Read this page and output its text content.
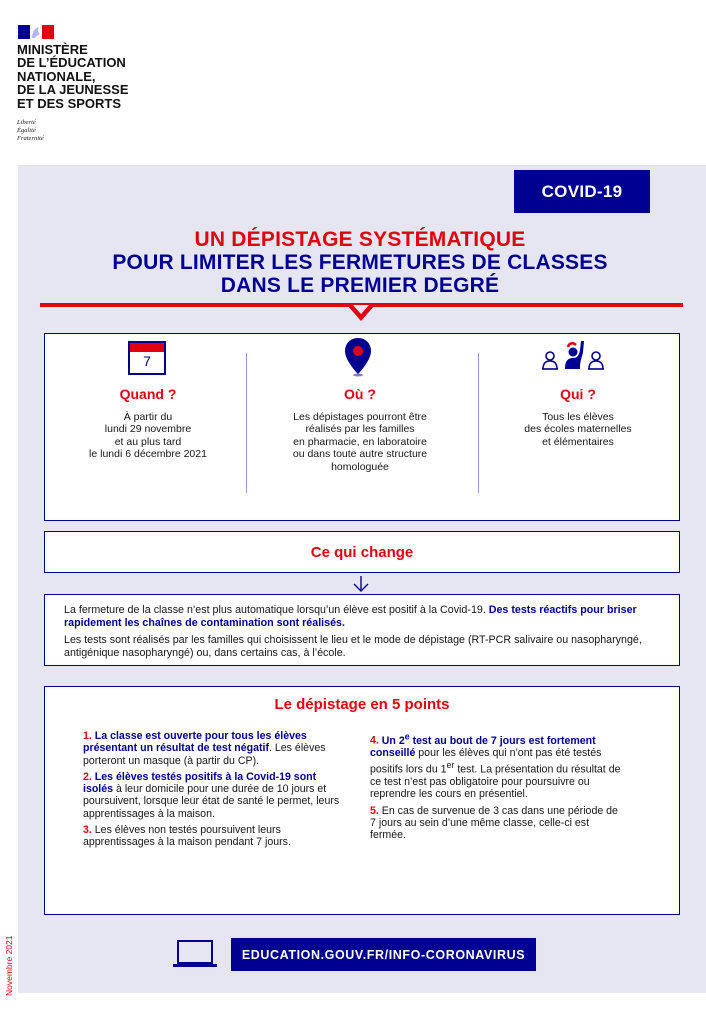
MINISTÈRE
DE L’ÉDUCATION
NATIONALE,
DE LA JEUNESSE
ET DES SPORTS
Liberté
Égalité
Fraternité
COVID-19
UN DÉPISTAGE SYSTÉMATIQUE
POUR LIMITER LES FERMETURES DE CLASSES
DANS LE PREMIER DEGRÉ
7
Quand ?
À partir du
lundi 29 novembre
et au plus tard
le lundi 6 décembre 2021
Où ?
Les dépistages pourront être
réalisés par les familles
en pharmacie, en laboratoire
ou dans toute autre structure
homologuée
Qui ?
Tous les élèves
des écoles maternelles
et élémentaires
Ce qui change

La fermeture de la classe n’est plus automatique lorsqu’un élève est positif à la Covid-19. Des tests réactifs pour briser rapidement les chaînes de contamination sont réalisés.

Les tests sont réalisés par les familles qui choisissent le lieu et le mode de dépistage (RT-PCR salivaire ou nasopharyngé, antigénique nasopharyngé) ou, dans certains cas, à l’école.

Le dépistage en 5 points

1. La classe est ouverte pour tous les élèves présentant un résultat de test négatif. Les élèves porteront un masque (à partir du CP).

2. Les élèves testés positifs à la Covid-19 sont isolés à leur domicile pour une durée de 10 jours et poursuivent, lorsque leur état de santé le permet, leurs apprentissages à la maison.

3. Les élèves non testés poursuivent leurs apprentissages à la maison pendant 7 jours.

4. Un 2e test au bout de 7 jours est fortement conseillé pour les élèves qui n’ont pas été testés positifs lors du 1er test. La présentation du résultat de ce test n’est pas obligatoire pour poursuivre ou reprendre les cours en présentiel.

5. En cas de survenue de 3 cas dans une période de 7 jours au sein d’une même classe, celle-ci est fermée.

EDUCATION.GOUV.FR/INFO-CORONAVIRUS
Novembre 2021
